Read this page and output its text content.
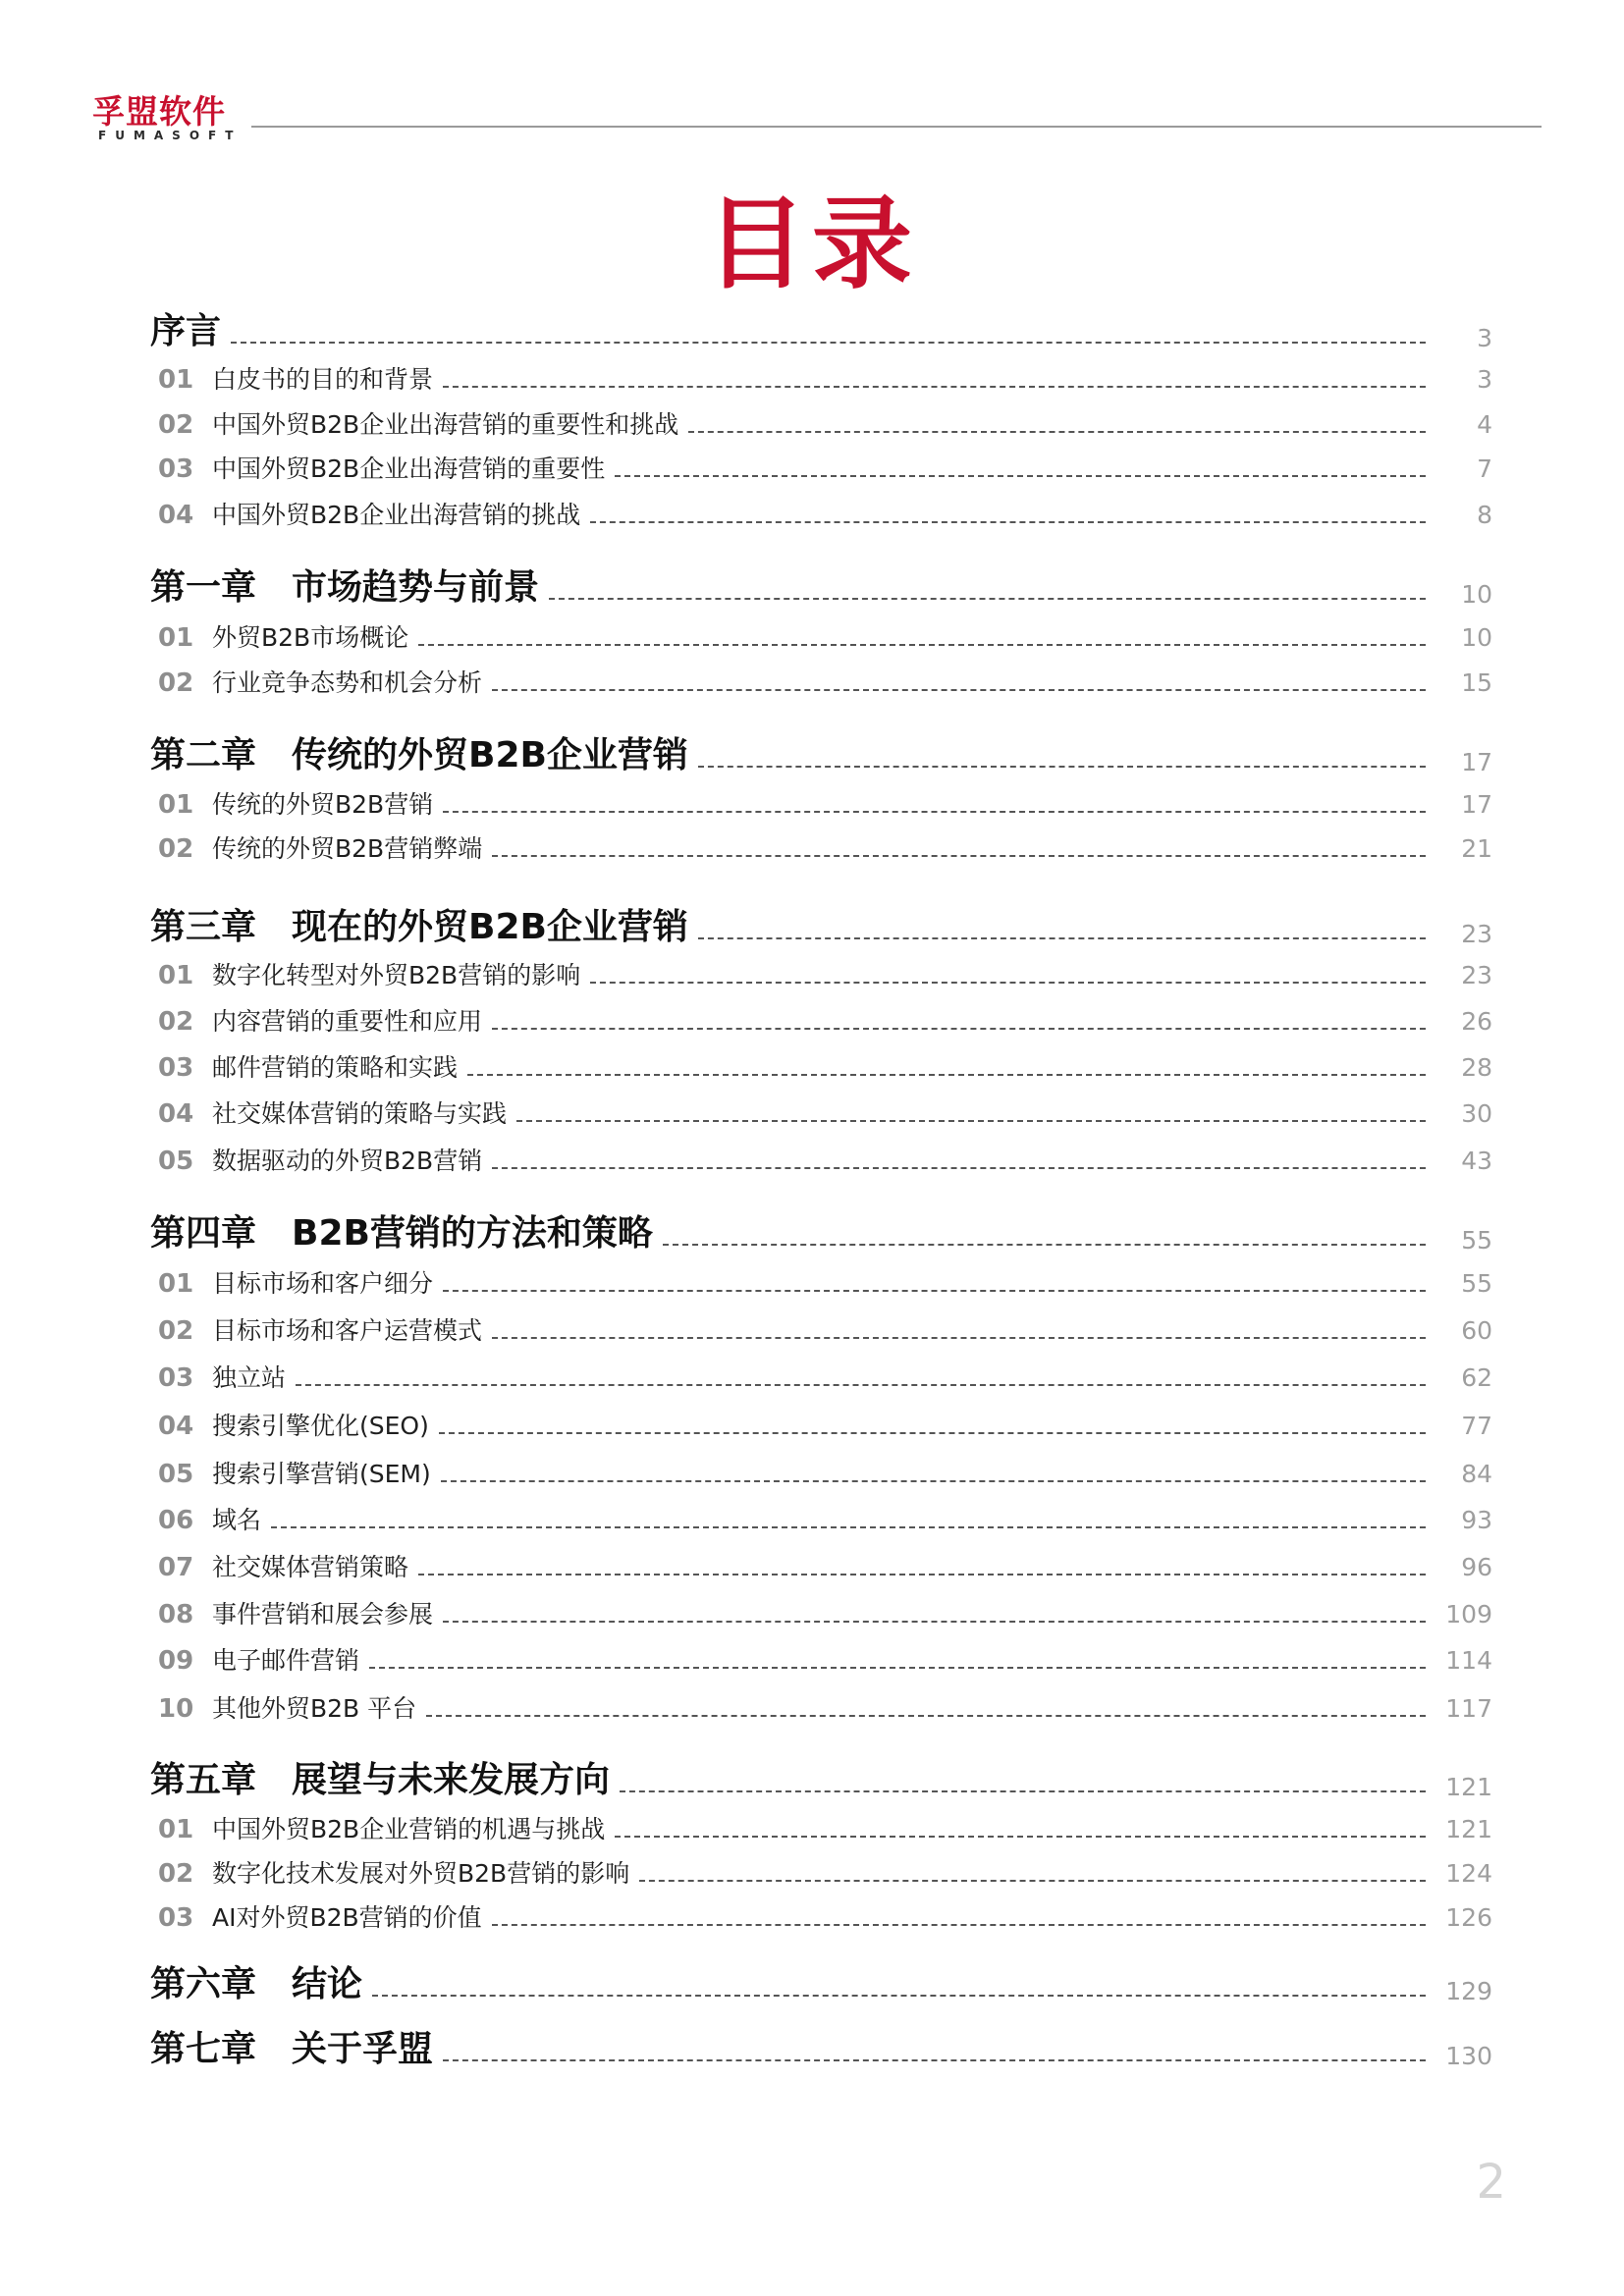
孚盟软件
FUMASOFT
目录
序言	3
01 白皮书的目的和背景	3
02 中国外贸B2B企业出海营销的重要性和挑战	4
03 中国外贸B2B企业出海营销的重要性	7
04 中国外贸B2B企业出海营销的挑战	8
第一章　市场趋势与前景	10
01 外贸B2B市场概论	10
02 行业竞争态势和机会分析	15
第二章　传统的外贸B2B企业营销	17
01 传统的外贸B2B营销	17
02 传统的外贸B2B营销弊端	21
第三章　现在的外贸B2B企业营销	23
01 数字化转型对外贸B2B营销的影响	23
02 内容营销的重要性和应用	26
03 邮件营销的策略和实践	28
04 社交媒体营销的策略与实践	30
05 数据驱动的外贸B2B营销	43
第四章　B2B营销的方法和策略	55
01 目标市场和客户细分	55
02 目标市场和客户运营模式	60
03 独立站	62
04 搜索引擎优化(SEO)	77
05 搜索引擎营销(SEM)	84
06 域名	93
07 社交媒体营销策略	96
08 事件营销和展会参展	109
09 电子邮件营销	114
10 其他外贸B2B 平台	117
第五章　展望与未来发展方向	121
01 中国外贸B2B企业营销的机遇与挑战	121
02 数字化技术发展对外贸B2B营销的影响	124
03 AI对外贸B2B营销的价值	126
第六章　结论	129
第七章　关于孚盟	130
2
